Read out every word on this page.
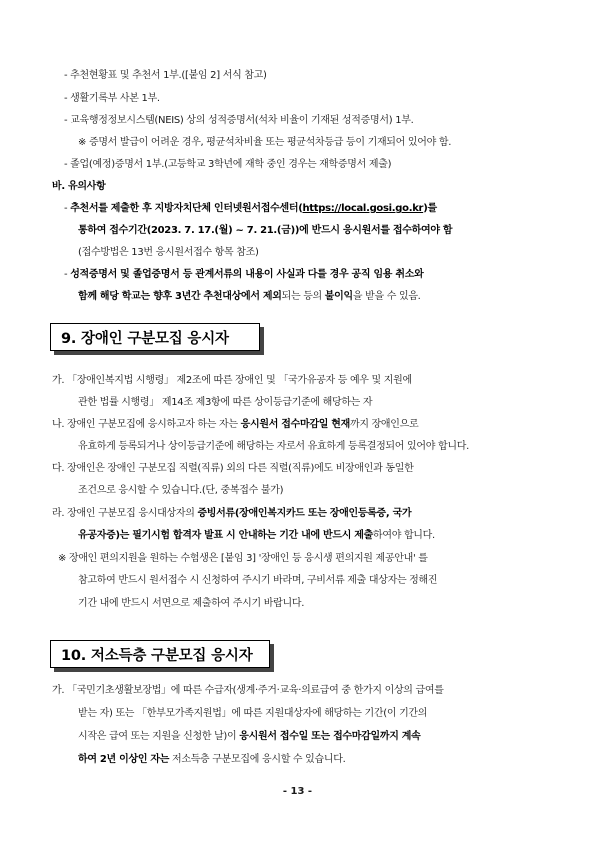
- 추천현황표 및 추천서 1부.([붙임 2] 서식 참고)
- 생활기록부 사본 1부.
- 교육행정정보시스템(NEIS) 상의 성적증명서(석차 비율이 기재된 성적증명서) 1부.
※ 증명서 발급이 어려운 경우, 평균석차비율 또는 평균석차등급 등이 기재되어 있어야 함.
- 졸업(예정)증명서 1부.(고등학교 3학년에 재학 중인 경우는 재학증명서 제출)
바. 유의사항
- 추천서를 제출한 후 지방자치단체 인터넷원서접수센터(https://local.gosi.go.kr)를
통하여 접수기간(2023. 7. 17.(월) ~ 7. 21.(금))에 반드시 응시원서를 접수하여야 함
(접수방법은 13번 응시원서접수 항목 참조)
- 성적증명서 및 졸업증명서 등 관계서류의 내용이 사실과 다를 경우 공직 임용 취소와
함께 해당 학교는 향후 3년간 추천대상에서 제외되는 등의 불이익을 받을 수 있음.
9. 장애인 구분모집 응시자
가. 「장애인복지법 시행령」 제2조에 따른 장애인 및 「국가유공자 등 예우 및 지원에
관한 법률 시행령」 제14조 제3항에 따른 상이등급기준에 해당하는 자
나. 장애인 구분모집에 응시하고자 하는 자는 응시원서 접수마감일 현재까지 장애인으로
유효하게 등록되거나 상이등급기준에 해당하는 자로서 유효하게 등록결정되어 있어야 합니다.
다. 장애인은 장애인 구분모집 직렬(직류) 외의 다른 직렬(직류)에도 비장애인과 동일한
조건으로 응시할 수 있습니다.(단, 중복접수 불가)
라. 장애인 구분모집 응시대상자의 증빙서류(장애인복지카드 또는 장애인등록증, 국가
유공자증)는 필기시험 합격자 발표 시 안내하는 기간 내에 반드시 제출하여야 합니다.
※ 장애인 편의지원을 원하는 수험생은 [붙임 3] '장애인 등 응시생 편의지원 제공안내' 를
참고하여 반드시 원서접수 시 신청하여 주시기 바라며, 구비서류 제출 대상자는 정해진
기간 내에 반드시 서면으로 제출하여 주시기 바랍니다.
10. 저소득층 구분모집 응시자
가. 「국민기초생활보장법」에 따른 수급자(생계·주거·교육·의료급여 중 한가지 이상의 급여를
받는 자) 또는 「한부모가족지원법」에 따른 지원대상자에 해당하는 기간(이 기간의
시작은 급여 또는 지원을 신청한 날)이 응시원서 접수일 또는 접수마감일까지 계속
하여 2년 이상인 자는 저소득층 구분모집에 응시할 수 있습니다.
- 13 -
